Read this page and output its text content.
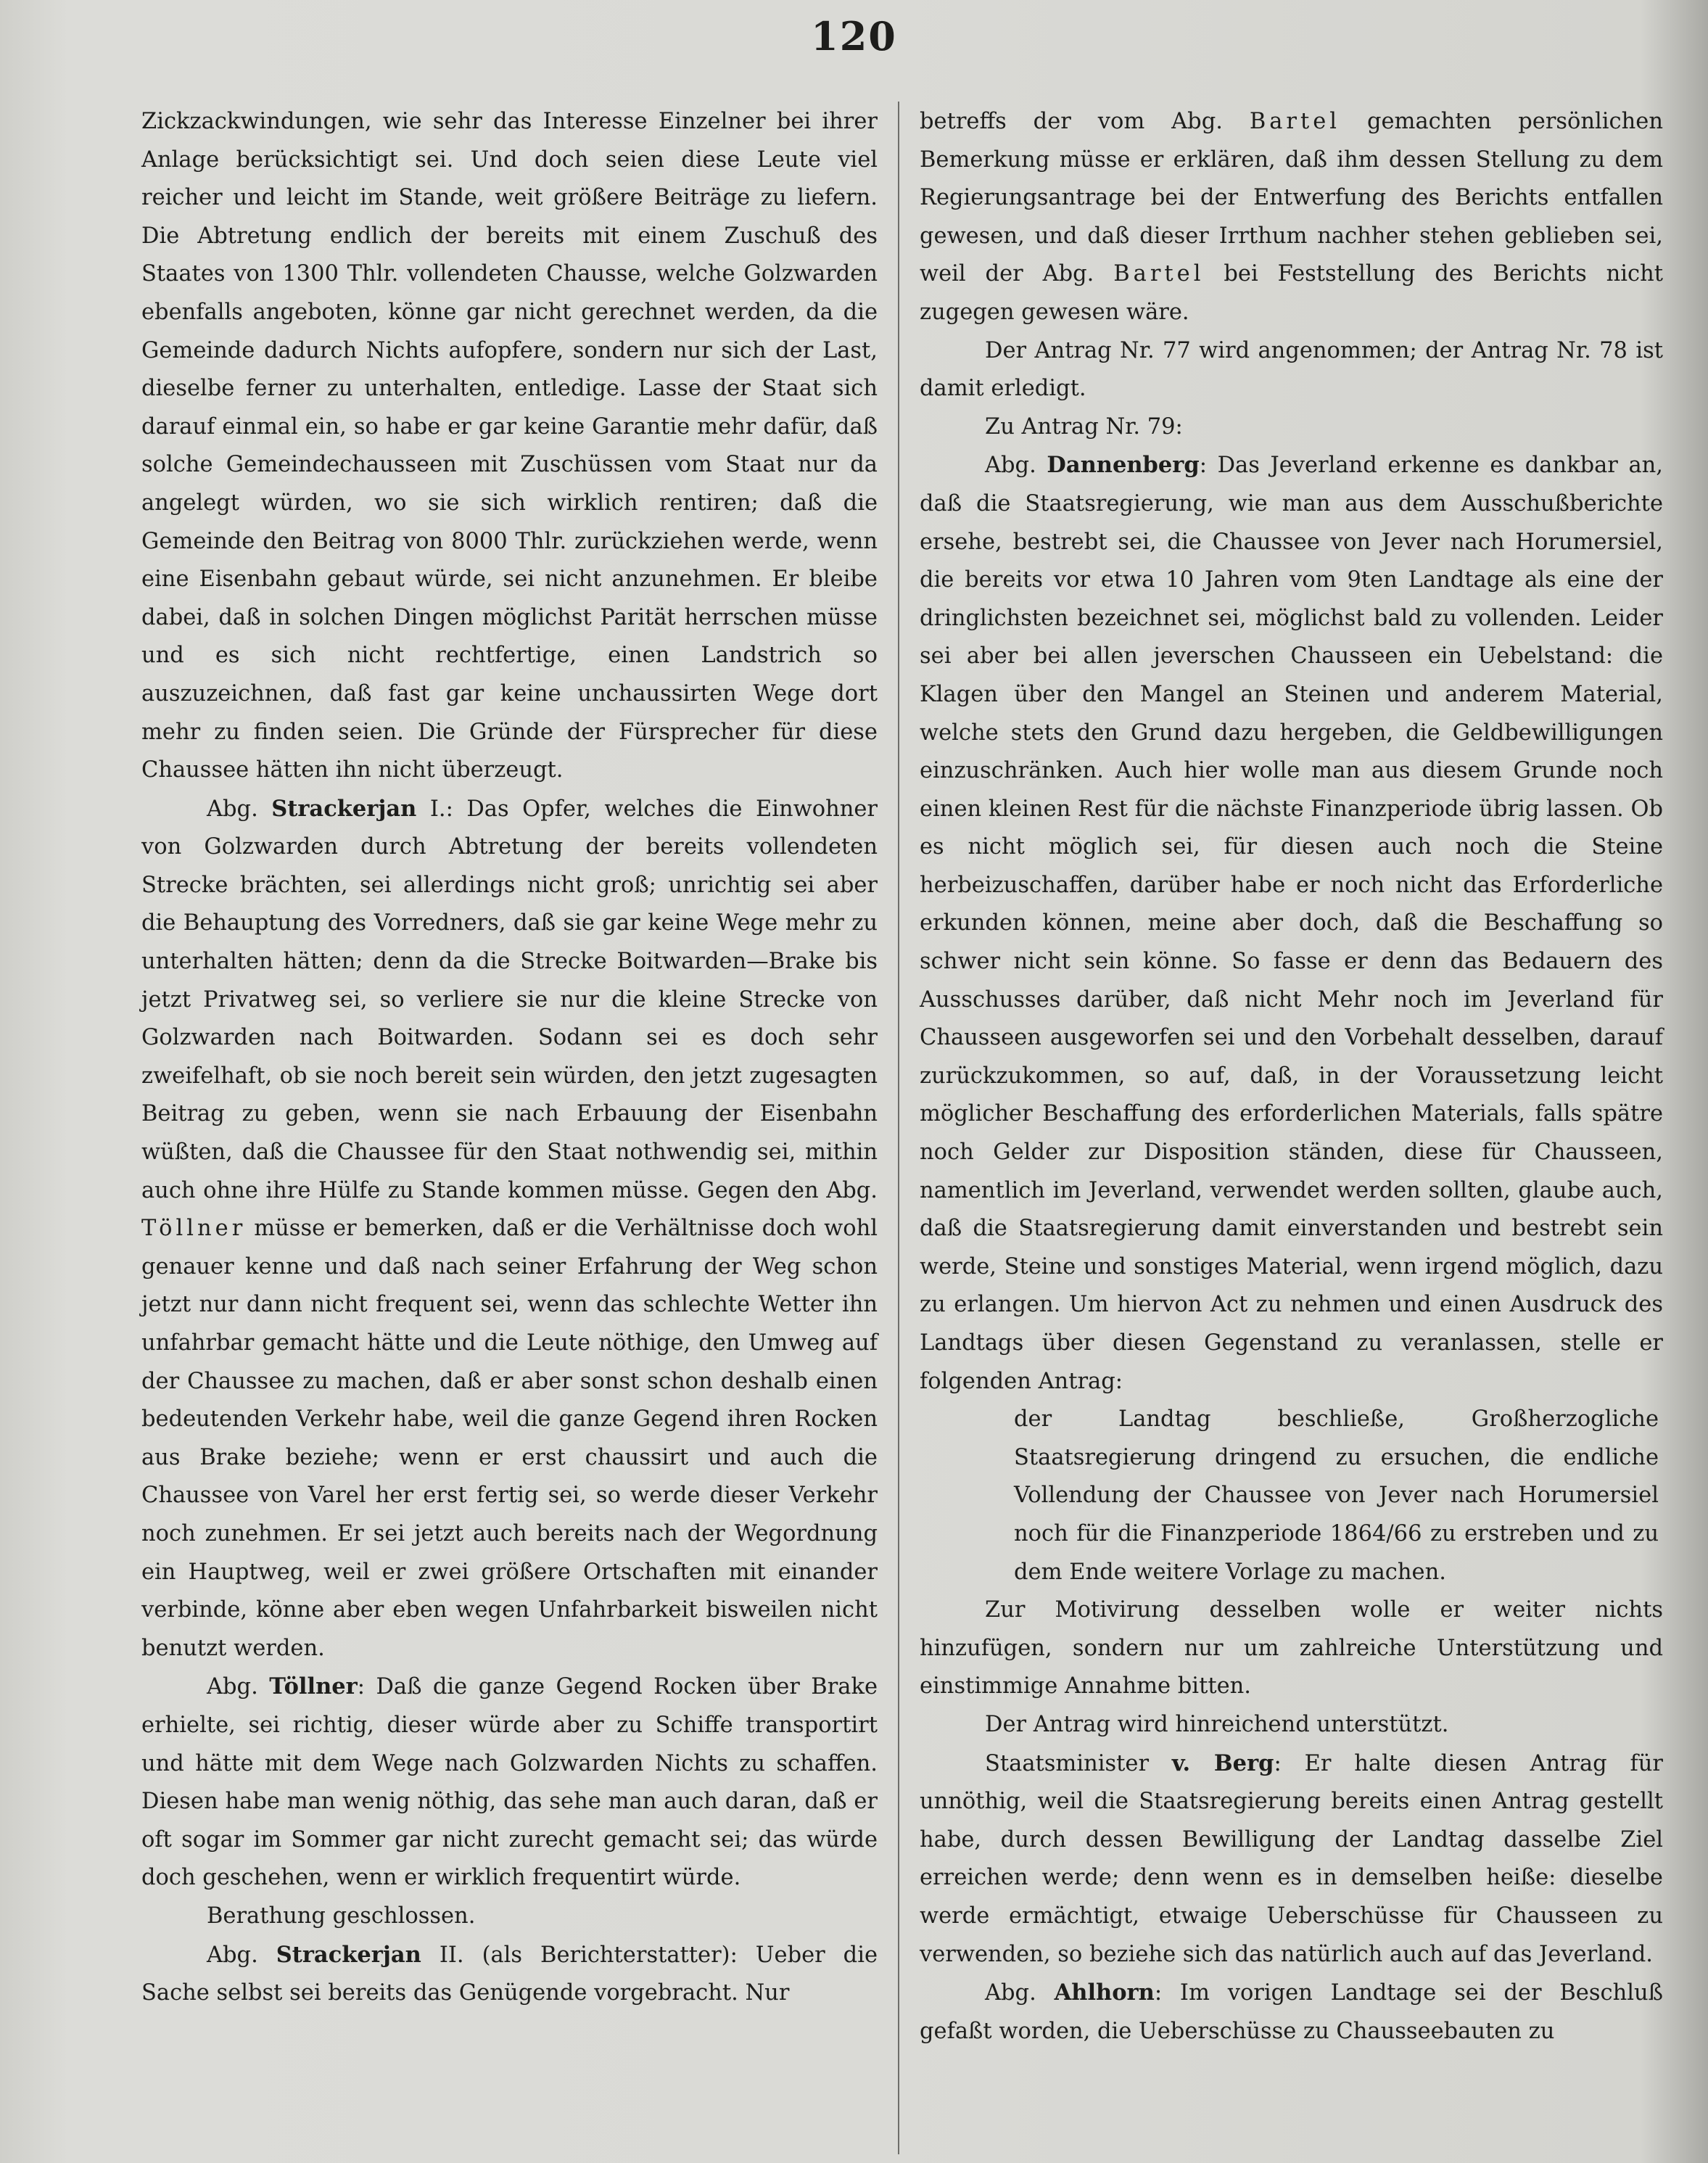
120

Zickzackwindungen, wie sehr das Interesse Einzelner bei ihrer Anlage berücksichtigt sei. Und doch seien diese Leute viel reicher und leicht im Stande, weit größere Beiträge zu liefern. Die Abtretung endlich der bereits mit einem Zuschuß des Staates von 1300 Thlr. vollendeten Chausse, welche Golzwarden ebenfalls angeboten, könne gar nicht gerechnet werden, da die Gemeinde dadurch Nichts aufopfere, sondern nur sich der Last, dieselbe ferner zu unterhalten, entledige. Lasse der Staat sich darauf einmal ein, so habe er gar keine Garantie mehr dafür, daß solche Gemeindechausseen mit Zuschüssen vom Staat nur da angelegt würden, wo sie sich wirklich rentiren; daß die Gemeinde den Beitrag von 8000 Thlr. zurückziehen werde, wenn eine Eisenbahn gebaut würde, sei nicht anzunehmen. Er bleibe dabei, daß in solchen Dingen möglichst Parität herrschen müsse und es sich nicht rechtfertige, einen Landstrich so auszuzeichnen, daß fast gar keine unchaussirten Wege dort mehr zu finden seien. Die Gründe der Fürsprecher für diese Chaussee hätten ihn nicht überzeugt.

Abg. Strackerjan I.: Das Opfer, welches die Einwohner von Golzwarden durch Abtretung der bereits vollendeten Strecke brächten, sei allerdings nicht groß; unrichtig sei aber die Behauptung des Vorredners, daß sie gar keine Wege mehr zu unterhalten hätten; denn da die Strecke Boitwarden—Brake bis jetzt Privatweg sei, so verliere sie nur die kleine Strecke von Golzwarden nach Boitwarden. Sodann sei es doch sehr zweifelhaft, ob sie noch bereit sein würden, den jetzt zugesagten Beitrag zu geben, wenn sie nach Erbauung der Eisenbahn wüßten, daß die Chaussee für den Staat nothwendig sei, mithin auch ohne ihre Hülfe zu Stande kommen müsse. Gegen den Abg. Töllner müsse er bemerken, daß er die Verhältnisse doch wohl genauer kenne und daß nach seiner Erfahrung der Weg schon jetzt nur dann nicht frequent sei, wenn das schlechte Wetter ihn unfahrbar gemacht hätte und die Leute nöthige, den Umweg auf der Chaussee zu machen, daß er aber sonst schon deshalb einen bedeutenden Verkehr habe, weil die ganze Gegend ihren Rocken aus Brake beziehe; wenn er erst chaussirt und auch die Chaussee von Varel her erst fertig sei, so werde dieser Verkehr noch zunehmen. Er sei jetzt auch bereits nach der Wegordnung ein Hauptweg, weil er zwei größere Ortschaften mit einander verbinde, könne aber eben wegen Unfahrbarkeit bisweilen nicht benutzt werden.

Abg. Töllner: Daß die ganze Gegend Rocken über Brake erhielte, sei richtig, dieser würde aber zu Schiffe transportirt und hätte mit dem Wege nach Golzwarden Nichts zu schaffen. Diesen habe man wenig nöthig, das sehe man auch daran, daß er oft sogar im Sommer gar nicht zurecht gemacht sei; das würde doch geschehen, wenn er wirklich frequentirt würde.

Berathung geschlossen.

Abg. Strackerjan II. (als Berichterstatter): Ueber die Sache selbst sei bereits das Genügende vorgebracht. Nur

betreffs der vom Abg. Bartel gemachten persönlichen Bemerkung müsse er erklären, daß ihm dessen Stellung zu dem Regierungsantrage bei der Entwerfung des Berichts entfallen gewesen, und daß dieser Irrthum nachher stehen geblieben sei, weil der Abg. Bartel bei Feststellung des Berichts nicht zugegen gewesen wäre.

Der Antrag Nr. 77 wird angenommen; der Antrag Nr. 78 ist damit erledigt.

Zu Antrag Nr. 79:

Abg. Dannenberg: Das Jeverland erkenne es dankbar an, daß die Staatsregierung, wie man aus dem Ausschußberichte ersehe, bestrebt sei, die Chaussee von Jever nach Horumersiel, die bereits vor etwa 10 Jahren vom 9ten Landtage als eine der dringlichsten bezeichnet sei, möglichst bald zu vollenden. Leider sei aber bei allen jeverschen Chausseen ein Uebelstand: die Klagen über den Mangel an Steinen und anderem Material, welche stets den Grund dazu hergeben, die Geldbewilligungen einzuschränken. Auch hier wolle man aus diesem Grunde noch einen kleinen Rest für die nächste Finanzperiode übrig lassen. Ob es nicht möglich sei, für diesen auch noch die Steine herbeizuschaffen, darüber habe er noch nicht das Erforderliche erkunden können, meine aber doch, daß die Beschaffung so schwer nicht sein könne. So fasse er denn das Bedauern des Ausschusses darüber, daß nicht Mehr noch im Jeverland für Chausseen ausgeworfen sei und den Vorbehalt desselben, darauf zurückzukommen, so auf, daß, in der Voraussetzung leicht möglicher Beschaffung des erforderlichen Materials, falls spätre noch Gelder zur Disposition ständen, diese für Chausseen, namentlich im Jeverland, verwendet werden sollten, glaube auch, daß die Staatsregierung damit einverstanden und bestrebt sein werde, Steine und sonstiges Material, wenn irgend möglich, dazu zu erlangen. Um hiervon Act zu nehmen und einen Ausdruck des Landtags über diesen Gegenstand zu veranlassen, stelle er folgenden Antrag:

der Landtag beschließe, Großherzogliche Staatsregierung dringend zu ersuchen, die endliche Vollendung der Chaussee von Jever nach Horumersiel noch für die Finanzperiode 1864/66 zu erstreben und zu dem Ende weitere Vorlage zu machen.

Zur Motivirung desselben wolle er weiter nichts hinzufügen, sondern nur um zahlreiche Unterstützung und einstimmige Annahme bitten.

Der Antrag wird hinreichend unterstützt.

Staatsminister v. Berg: Er halte diesen Antrag für unnöthig, weil die Staatsregierung bereits einen Antrag gestellt habe, durch dessen Bewilligung der Landtag dasselbe Ziel erreichen werde; denn wenn es in demselben heiße: dieselbe werde ermächtigt, etwaige Ueberschüsse für Chausseen zu verwenden, so beziehe sich das natürlich auch auf das Jeverland.

Abg. Ahlhorn: Im vorigen Landtage sei der Beschluß gefaßt worden, die Ueberschüsse zu Chausseebauten zu
